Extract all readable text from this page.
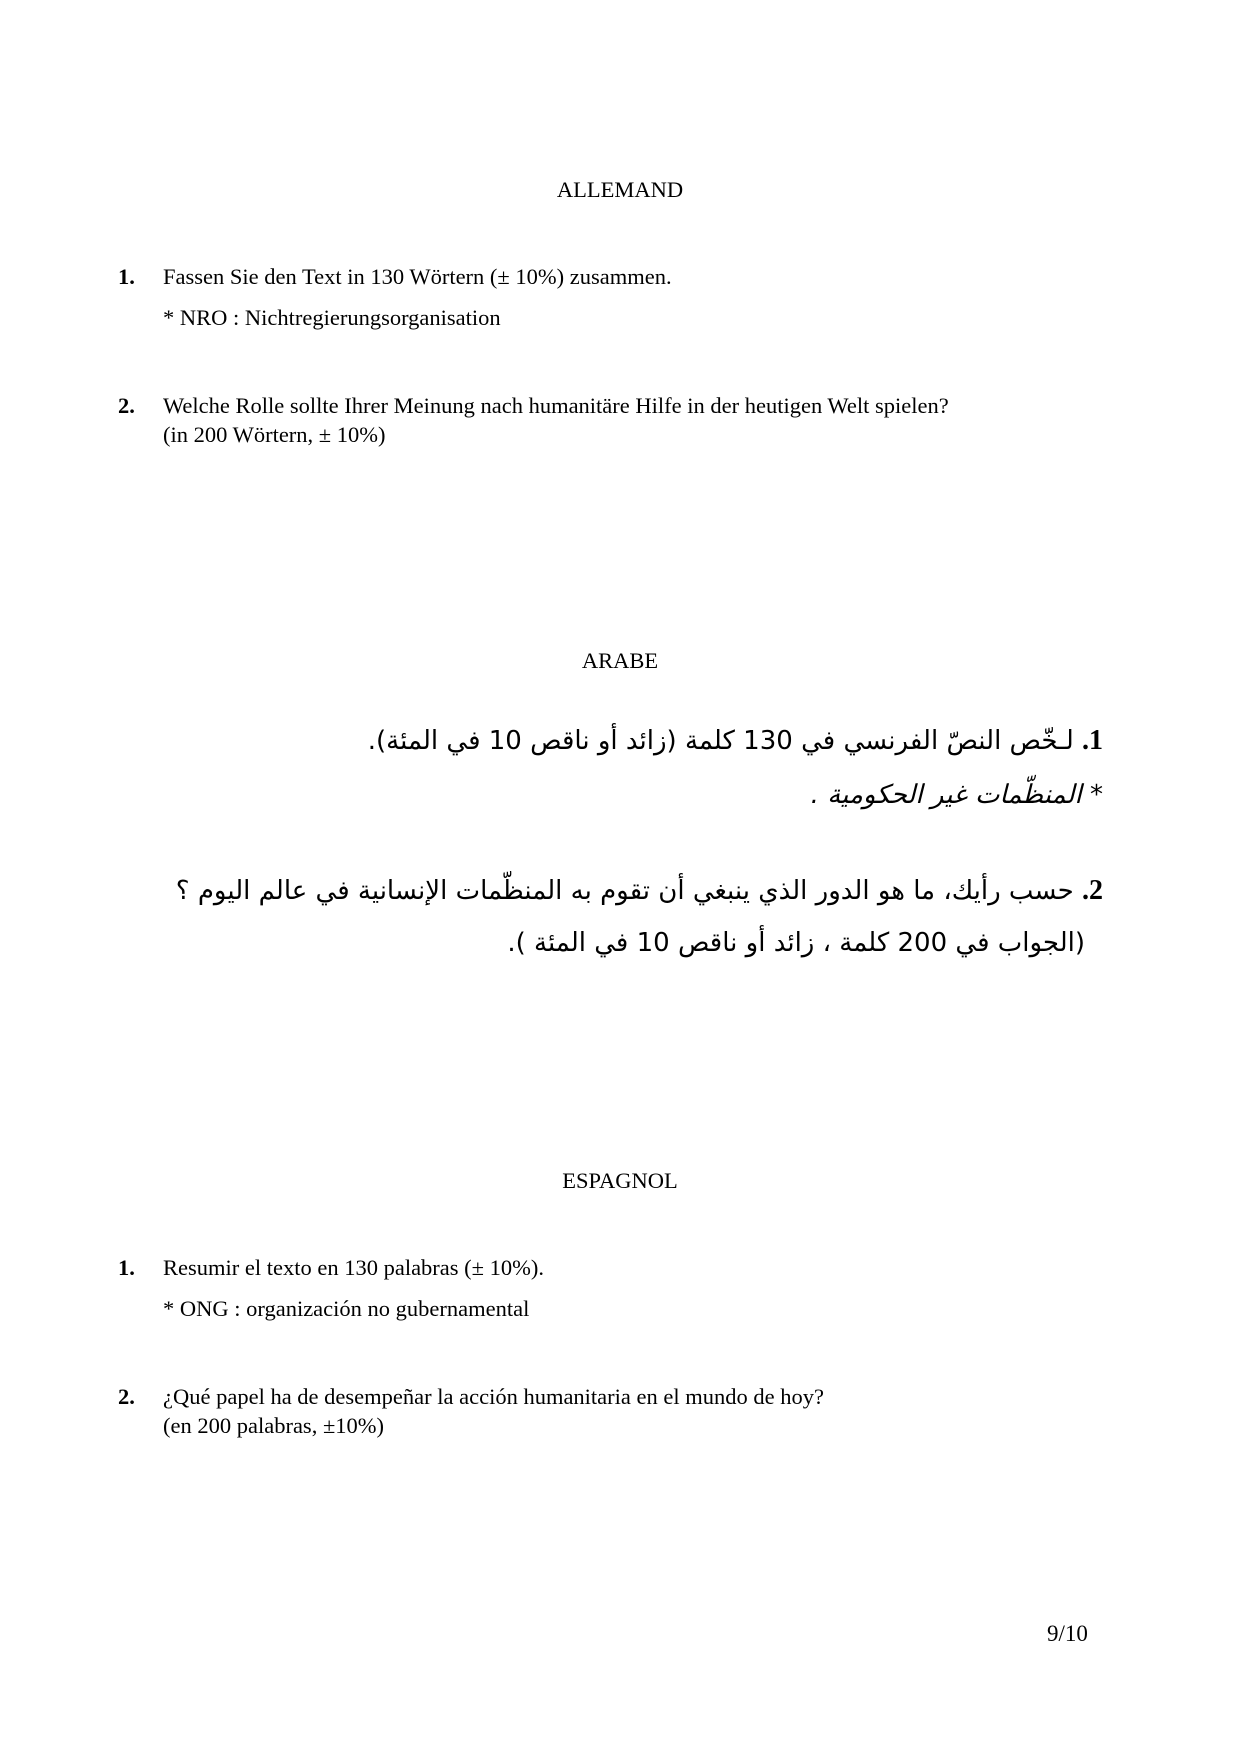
ALLEMAND
1. Fassen Sie den Text in 130 Wörtern (± 10%) zusammen.
* NRO : Nichtregierungsorganisation
2. Welche Rolle sollte Ihrer Meinung nach humanitäre Hilfe in der heutigen Welt spielen?
(in 200 Wörtern, ± 10%)
ARABE
1. لـخّص النصّ الفرنسي في 130 كلمة (زائد أو ناقص 10 في المئة).
* المنظّمات غير الحكومية .
2. حسب رأيك، ما هو الدور الذي ينبغي أن تقوم به المنظّمات الإنسانية في عالم اليوم ؟
(الجواب في 200 كلمة ، زائد أو ناقص 10 في المئة ).
ESPAGNOL
1. Resumir el texto en 130 palabras (± 10%).
* ONG : organización no gubernamental
2. ¿Qué papel ha de desempeñar la acción humanitaria en el mundo de hoy?
(en 200 palabras, ±10%)
9/10
